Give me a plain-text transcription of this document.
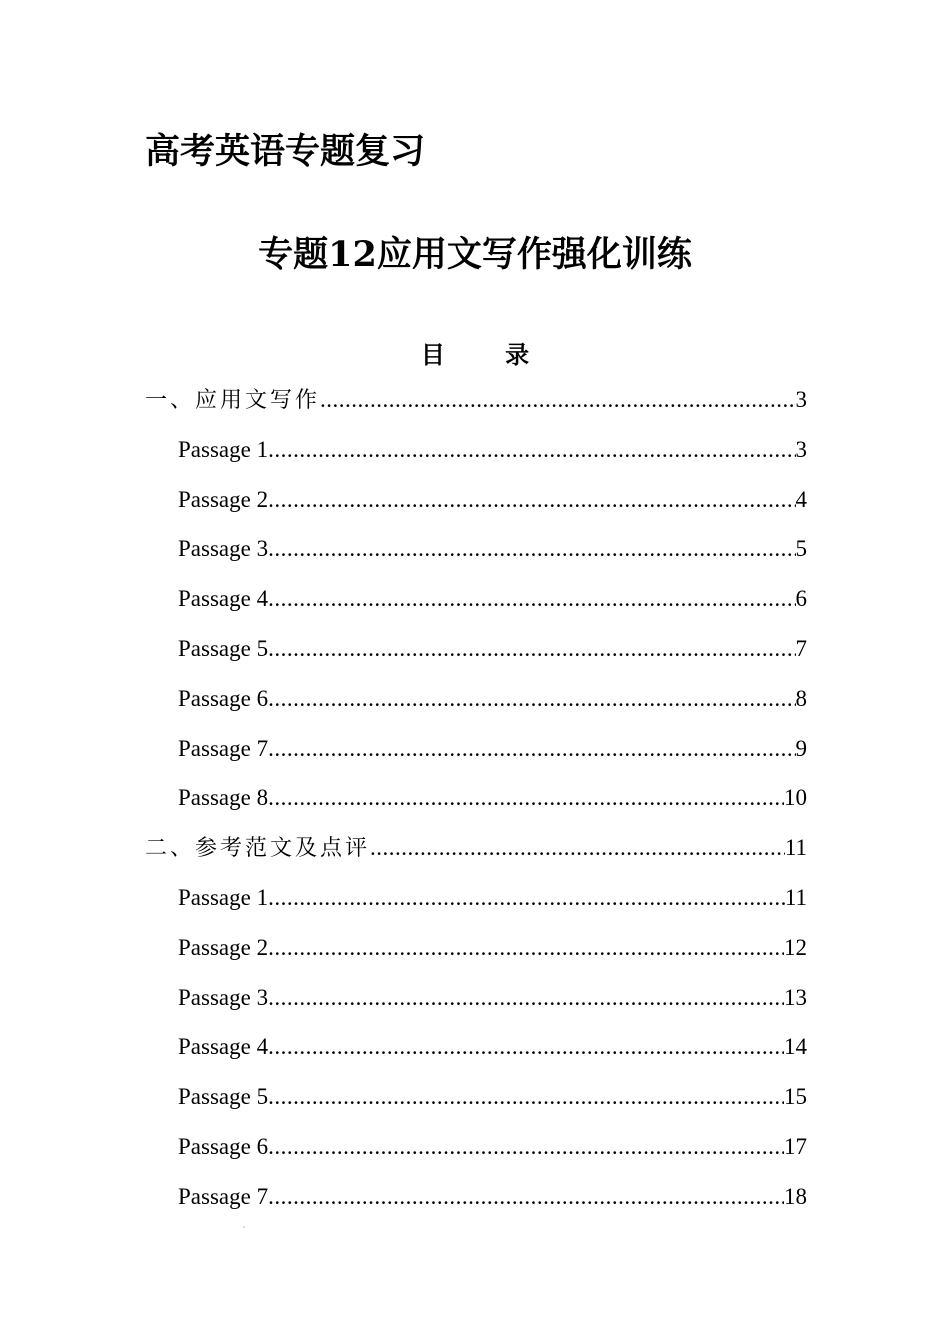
高考英语专题复习
专题12应用文写作强化训练
目 录
一、应用文写作 .....	3
Passage 1 .....	3
Passage 2 .....	4
Passage 3 .....	5
Passage 4 .....	6
Passage 5 .....	7
Passage 6 .....	8
Passage 7 .....	9
Passage 8 .....	10
二、参考范文及点评 .....	11
Passage 1 .....	11
Passage 2 .....	12
Passage 3 .....	13
Passage 4 .....	14
Passage 5 .....	15
Passage 6 .....	17
Passage 7 .....	18
